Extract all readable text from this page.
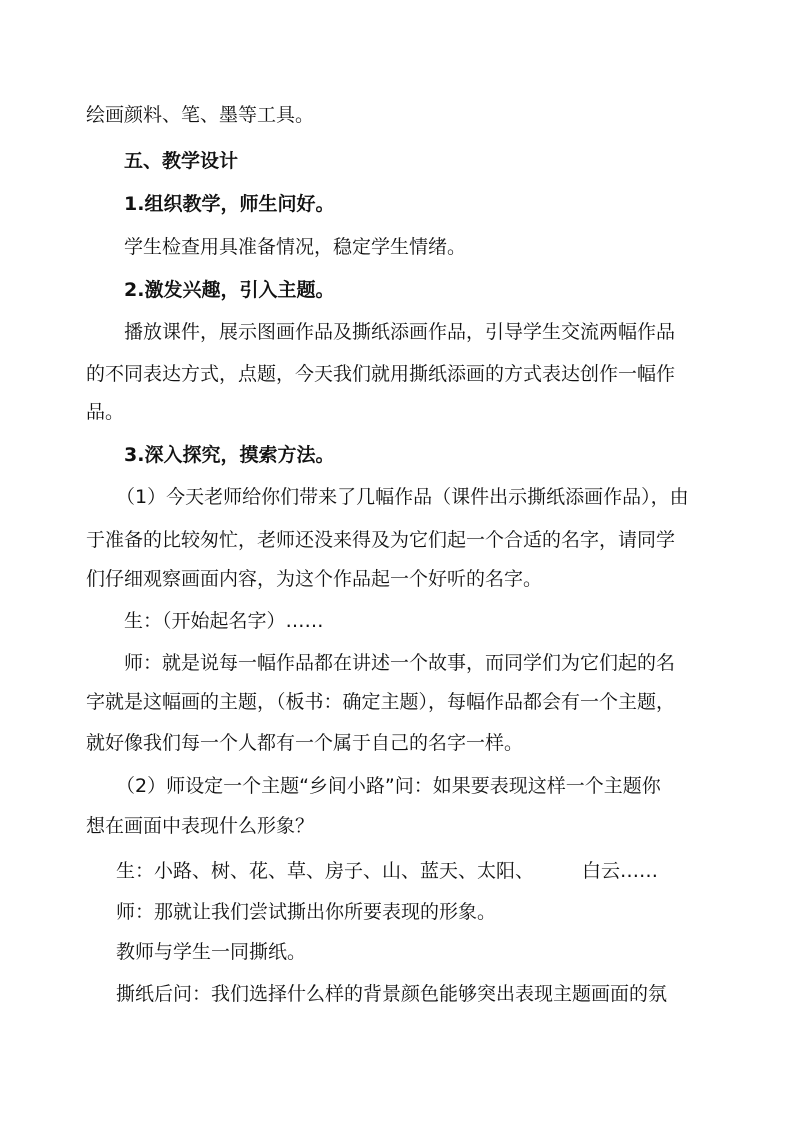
绘画颜料、笔、墨等工具。
五、教学设计
1.组织教学，师生问好。
学生检查用具准备情况，稳定学生情绪。
2.激发兴趣，引入主题。
播放课件，展示图画作品及撕纸添画作品，引导学生交流两幅作品
的不同表达方式，点题，今天我们就用撕纸添画的方式表达创作一幅作
品。
3.深入探究，摸索方法。
（1）今天老师给你们带来了几幅作品（课件出示撕纸添画作品），由
于准备的比较匆忙，老师还没来得及为它们起一个合适的名字，请同学
们仔细观察画面内容，为这个作品起一个好听的名字。
生：（开始起名字）……
师：就是说每一幅作品都在讲述一个故事，而同学们为它们起的名
字就是这幅画的主题，（板书：确定主题），每幅作品都会有一个主题，
就好像我们每一个人都有一个属于自己的名字一样。
（2）师设定一个主题“乡间小路”问：如果要表现这样一个主题你
想在画面中表现什么形象？
生：小路、树、花、草、房子、山、蓝天、太阳、	白云……
师：那就让我们尝试撕出你所要表现的形象。
教师与学生一同撕纸。
撕纸后问：我们选择什么样的背景颜色能够突出表现主题画面的氛
